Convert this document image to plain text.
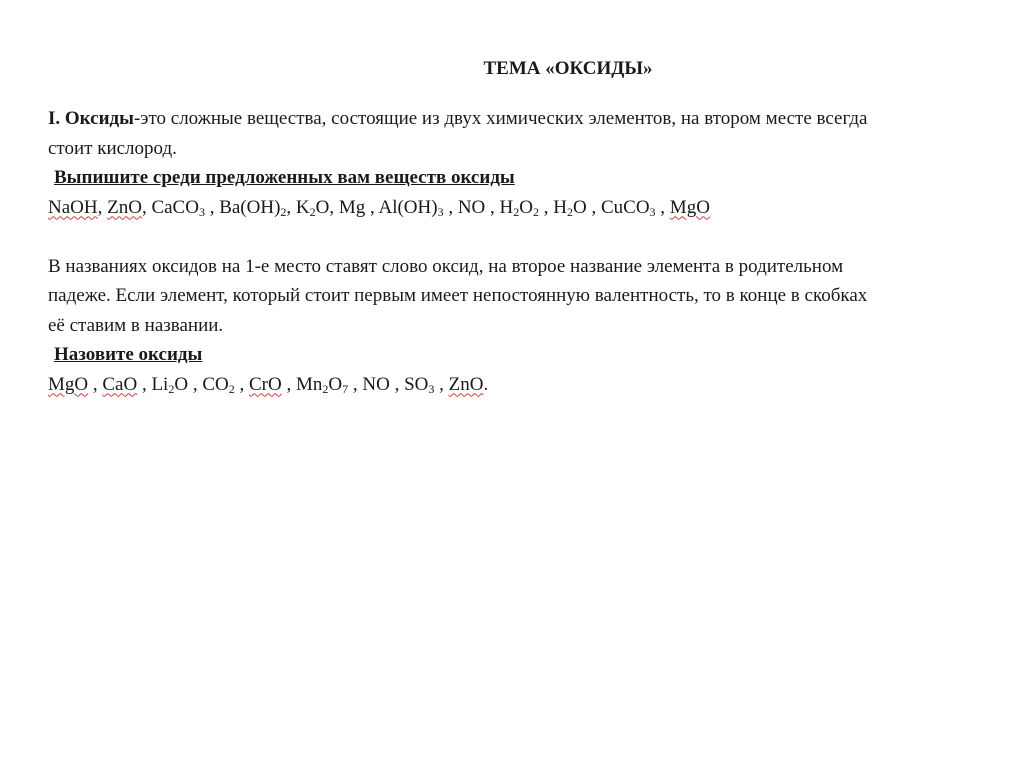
ТЕМА «ОКСИДЫ»
I. Оксиды-это сложные вещества, состоящие из двух химических элементов, на втором месте всегда
стоит кислород.
Выпишите среди предложенных вам веществ оксиды
NaOH, ZnO, CaCO$_3$ , $Ba(OH)_2$, $K_2O$, Mg , $Al(OH)_3$ , NO , $H_2O_2$ , $H_2O$ , CuCO$_3$ , MgO
В названиях оксидов на 1-е место ставят слово оксид, на второе название элемента в родительном
падеже. Если элемент, который стоит первым имеет непостоянную валентность, то в конце в скобках
её ставим в названии.
Назовите оксиды
MgO , CaO , $Li_2O$ , $CO_2$ , CrO , $Mn_2O_7$ , NO , $SO_3$ , ZnO.
